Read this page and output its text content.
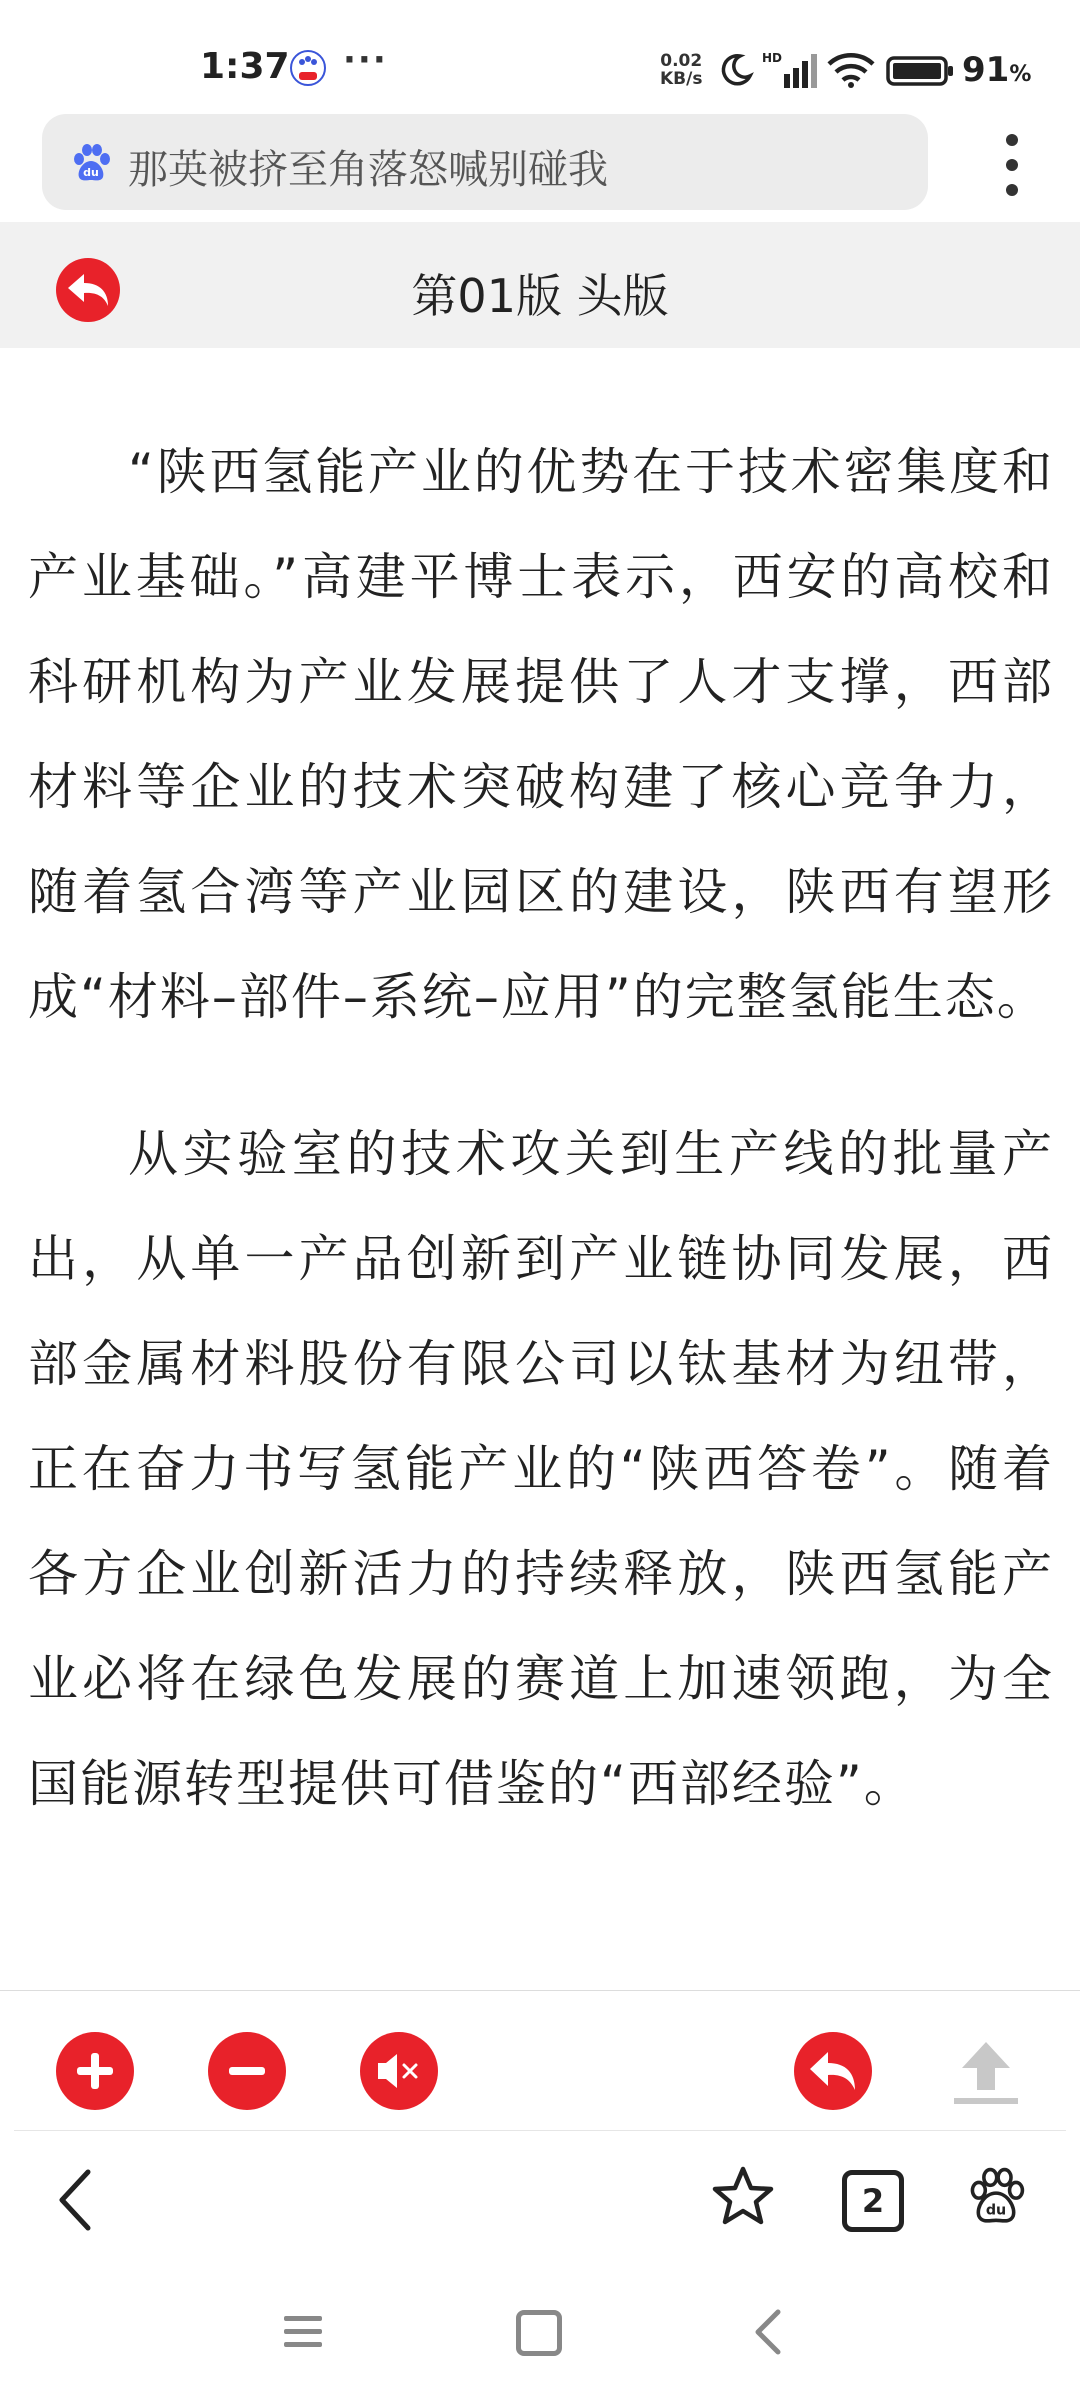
1:37 ···	0.02
KB/s
HD	91%
du 那英被挤至角落怒喊别碰我
第01版 头版

“陕西氢能产业的优势在于技术密集度和产业基础。”高建平博士表示，西安的高校和科研机构为产业发展提供了人才支撑，西部材料等企业的技术突破构建了核心竞争力，随着氢合湾等产业园区的建设，陕西有望形成“材料–部件–系统–应用”的完整氢能生态。

从实验室的技术攻关到生产线的批量产出，从单一产品创新到产业链协同发展，西部金属材料股份有限公司以钛基材为纽带，正在奋力书写氢能产业的“陕西答卷”。随着各方企业创新活力的持续释放，陕西氢能产业必将在绿色发展的赛道上加速领跑，为全国能源转型提供可借鉴的“西部经验”。

2	du
